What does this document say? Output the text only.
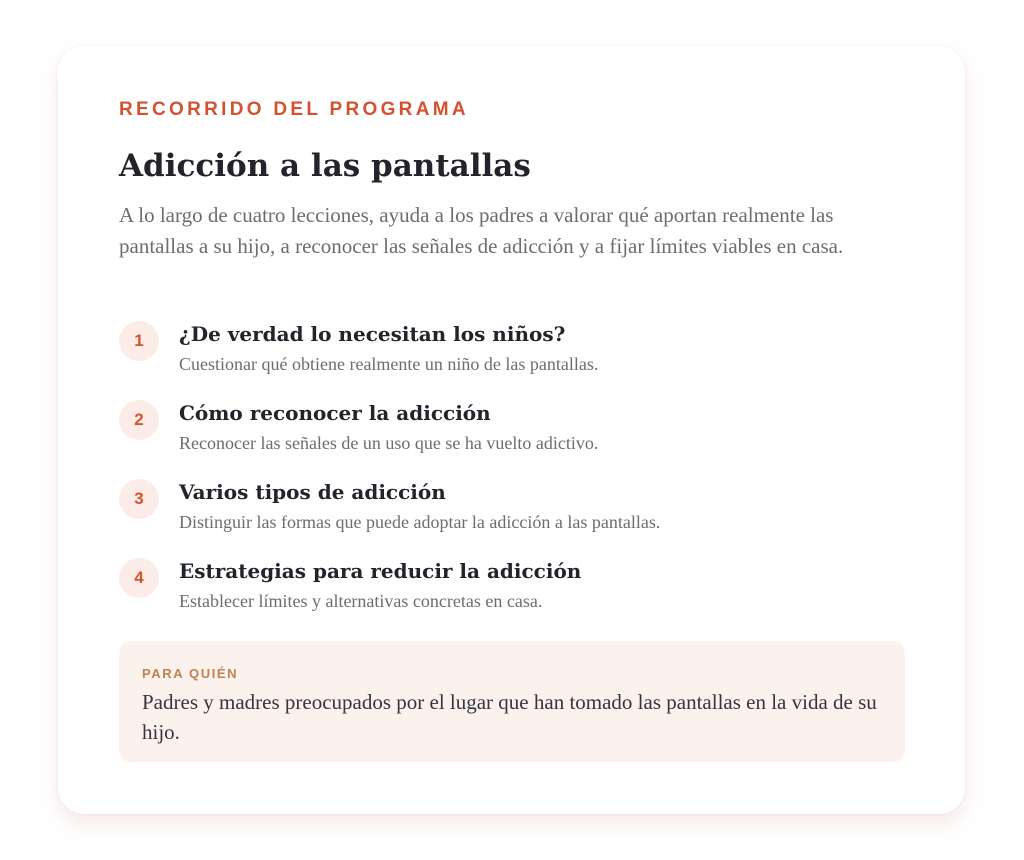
RECORRIDO DEL PROGRAMA

Adicción a las pantallas

A lo largo de cuatro lecciones, ayuda a los padres a valorar qué aportan realmente las pantallas a su hijo, a reconocer las señales de adicción y a fijar límites viables en casa.

1	¿De verdad lo necesitan los niños?

Cuestionar qué obtiene realmente un niño de las pantallas.

2	Cómo reconocer la adicción

Reconocer las señales de un uso que se ha vuelto adictivo.

3	Varios tipos de adicción

Distinguir las formas que puede adoptar la adicción a las pantallas.

4	Estrategias para reducir la adicción

Establecer límites y alternativas concretas en casa.

PARA QUIÉN

Padres y madres preocupados por el lugar que han tomado las pantallas en la vida de su hijo.
